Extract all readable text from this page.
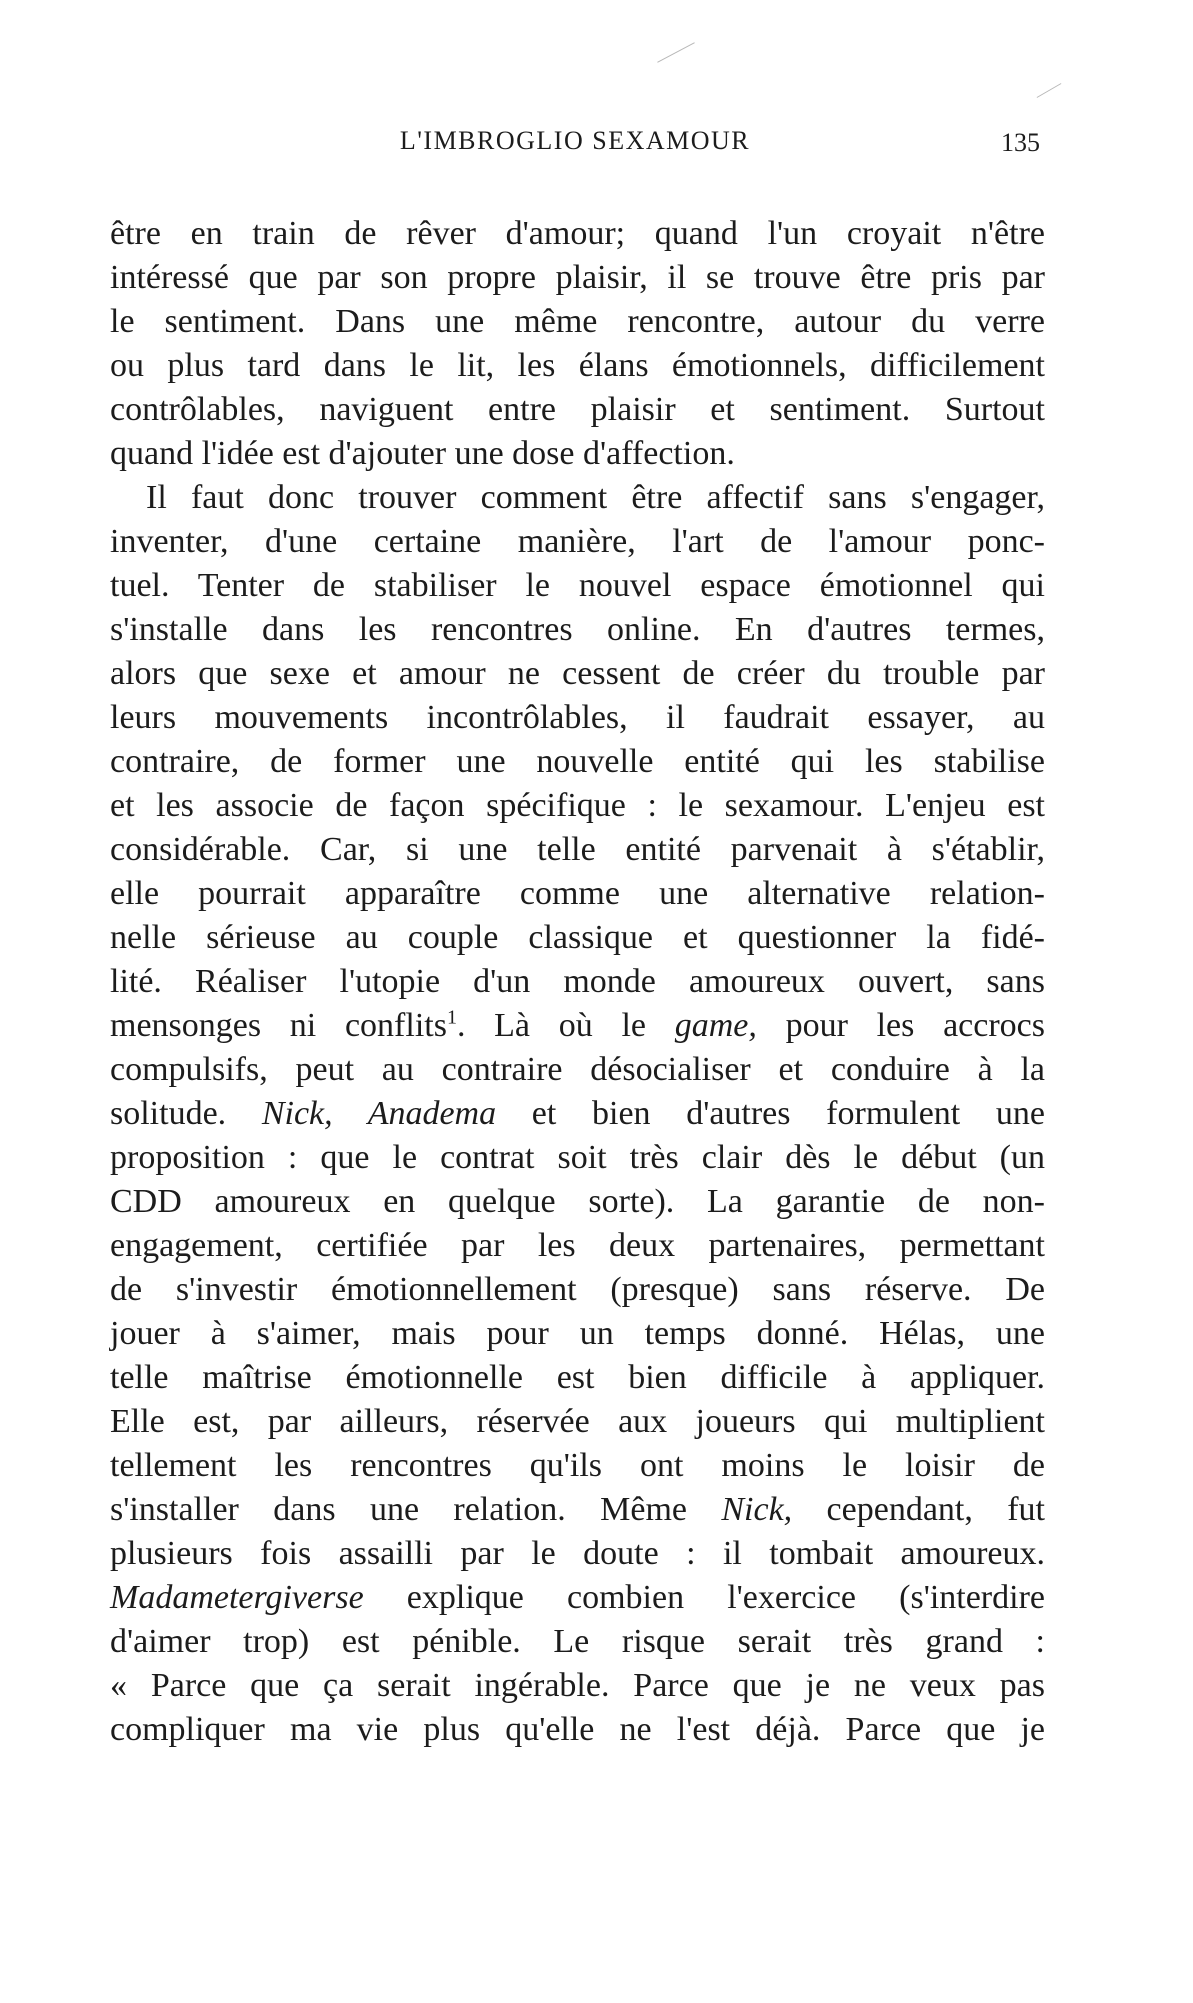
L'IMBROGLIO SEXAMOUR	135
être en train de rêver d'amour; quand l'un croyait n'être
intéressé que par son propre plaisir, il se trouve être pris par
le sentiment. Dans une même rencontre, autour du verre
ou plus tard dans le lit, les élans émotionnels, difficilement
contrôlables, naviguent entre plaisir et sentiment. Surtout
quand l'idée est d'ajouter une dose d'affection.
Il faut donc trouver comment être affectif sans s'engager,
inventer, d'une certaine manière, l'art de l'amour ponc-
tuel. Tenter de stabiliser le nouvel espace émotionnel qui
s'installe dans les rencontres online. En d'autres termes,
alors que sexe et amour ne cessent de créer du trouble par
leurs mouvements incontrôlables, il faudrait essayer, au
contraire, de former une nouvelle entité qui les stabilise
et les associe de façon spécifique : le sexamour. L'enjeu est
considérable. Car, si une telle entité parvenait à s'établir,
elle pourrait apparaître comme une alternative relation-
nelle sérieuse au couple classique et questionner la fidé-
lité. Réaliser l'utopie d'un monde amoureux ouvert, sans
mensonges ni conflits$^1$. Là où le game, pour les accrocs
compulsifs, peut au contraire désocialiser et conduire à la
solitude. Nick, Anadema et bien d'autres formulent une
proposition : que le contrat soit très clair dès le début (un
CDD amoureux en quelque sorte). La garantie de non-
engagement, certifiée par les deux partenaires, permettant
de s'investir émotionnellement (presque) sans réserve. De
jouer à s'aimer, mais pour un temps donné. Hélas, une
telle maîtrise émotionnelle est bien difficile à appliquer.
Elle est, par ailleurs, réservée aux joueurs qui multiplient
tellement les rencontres qu'ils ont moins le loisir de
s'installer dans une relation. Même Nick, cependant, fut
plusieurs fois assailli par le doute : il tombait amoureux.
Madametergiverse explique combien l'exercice (s'interdire
d'aimer trop) est pénible. Le risque serait très grand :
« Parce que ça serait ingérable. Parce que je ne veux pas
compliquer ma vie plus qu'elle ne l'est déjà. Parce que je
